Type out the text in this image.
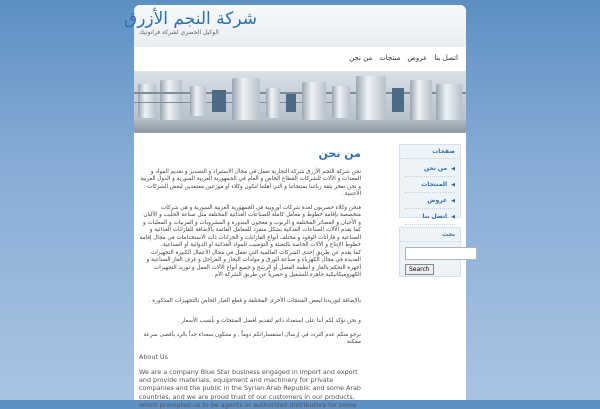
شركة النجم الأزرق
الوكيل الحصري لشركة فرانونيك
اتصل بنا
عروض
منتجات
من نحن
من نحن
نحن شركة النجم الأزرق شركة التجارية تعمل في مجال الاستيراد و التصدير و تقديم المواد و المعدات و الآلات للشركات القطاع الخاص و العام في الجمهورية العربية السورية و الدول العربية و نحن نفخر بثقة زبائننا بمنتجاتنا و التي أهلتنا لنكون وكلاء أو موزعين معتمدين لبعض الشركات الأجنبية .
فنحن وكلاء حصريون لعدة شركات أوروبية في الجمهورية العربية السورية و هي شركات متخصصة بإقامة خطوط و معامل كاملة للصناعات الغذائية المختلفة مثل صناعة الحليب و الألبان و الأجبان و العصائر المختلفة و الربوب و معجون البندورة و المشروبات و المربيات و المعلبات و كما يقدم الآلات الصناعات الغذائية بشكل منفرد للمعامل القائمة بالإضافة للقازانات الغذائية و الصناعية و قازانات الوقود و مختلف أنواع القازانات و الخزانات ذات الاستخدامات في مجال إقامة خطوط الإنتاج و الآلات الخاصة بالتعبئة و التوضيب للمواد الغذائية أو الدوائية أو الصناعية .
كما يقدم عن طريق إحدى الشركات العالمية التي تعمل في مجال الأعمال الكبيرة التجهيزات العديدة في مجال الكهرباء و صناعة الورق و مولدات البخار و المراجل و غرف الغاز الصناعية و أجهزة التحكم بالغاز و أنظمة الفصل أو الرشح و جميع أنواع الآلات العمل و توريد التجهيزات الكهروميكانيكية جاهزة للتشغيل و حصرياً عن طريق الشركة الأم .
بالإضافة لتوريدنا لبعض المنتجات الأخرى المختلفة و قطع الغيار الخاص بالتجهيزات المذكورة .
و نحن نؤكد لكم أننا على استعداد دائم لتقديم أفضل المنتجات و بأنسب الأسعار .
نرجو منكم عدم التردد في إرسال استفساراتكم دوماً , و ستكون سعداء جداً بالرد بأقصى سرعة ممكنة .
About Us
We are a company Blue Star business engaged in import and export and provide materials, equipment and machinery for private companies and the public in the Syrian Arab Republic and some Arab countries, and we are proud trust of our customers in our products, which prompted us to be agents or authorized distributors for some
صفحات
◀ من نحن
◀ المنتجات
◀ عروض
◀ اتصل بنا
بحث
Search
